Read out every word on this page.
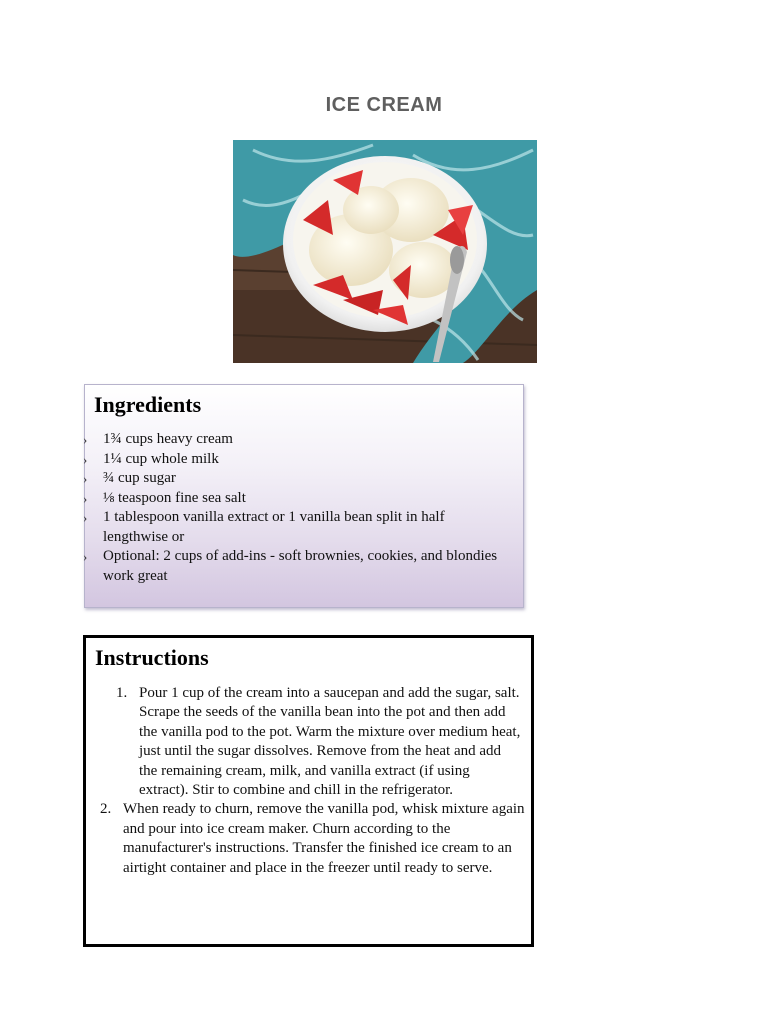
ICE CREAM
Ingredients
› 1¾ cups heavy cream
› 1¼ cup whole milk
› ¾ cup sugar
› ⅛ teaspoon fine sea salt
› 1 tablespoon vanilla extract or 1 vanilla bean split in half lengthwise or
› Optional: 2 cups of add-ins - soft brownies, cookies, and blondies work great
Instructions
1. Pour 1 cup of the cream into a saucepan and add the sugar, salt. Scrape the seeds of the vanilla bean into the pot and then add the vanilla pod to the pot. Warm the mixture over medium heat, just until the sugar dissolves. Remove from the heat and add the remaining cream, milk, and vanilla extract (if using extract). Stir to combine and chill in the refrigerator.
2. When ready to churn, remove the vanilla pod, whisk mixture again and pour into ice cream maker. Churn according to the manufacturer's instructions. Transfer the finished ice cream to an airtight container and place in the freezer until ready to serve.
